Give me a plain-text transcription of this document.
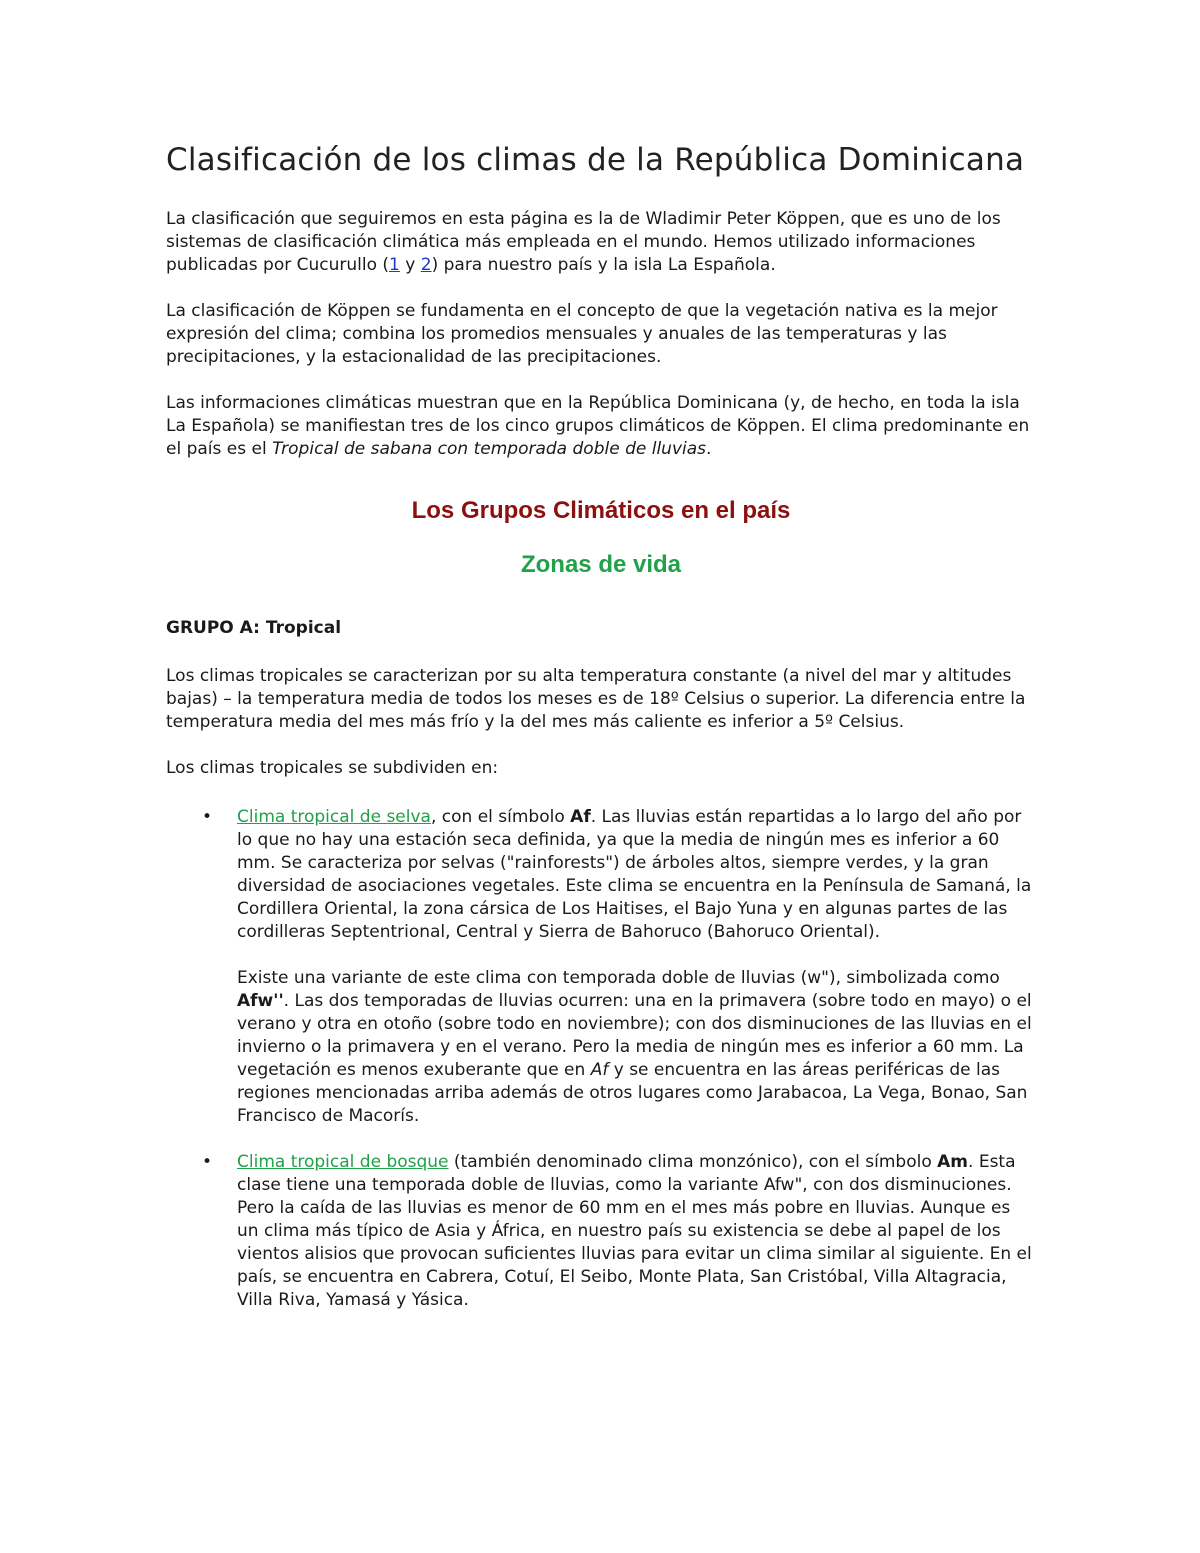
Clasificación de los climas de la República Dominicana

La clasificación que seguiremos en esta página es la de Wladimir Peter Köppen, que es uno de los sistemas de clasificación climática más empleada en el mundo. Hemos utilizado informaciones publicadas por Cucurullo (1 y 2) para nuestro país y la isla La Española.

La clasificación de Köppen se fundamenta en el concepto de que la vegetación nativa es la mejor expresión del clima; combina los promedios mensuales y anuales de las temperaturas y las precipitaciones, y la estacionalidad de las precipitaciones.

Las informaciones climáticas muestran que en la República Dominicana (y, de hecho, en toda la isla La Española) se manifiestan tres de los cinco grupos climáticos de Köppen. El clima predominante en el país es el Tropical de sabana con temporada doble de lluvias.

Los Grupos Climáticos en el país
Zonas de vida

GRUPO A: Tropical

Los climas tropicales se caracterizan por su alta temperatura constante (a nivel del mar y altitudes bajas) – la temperatura media de todos los meses es de 18º Celsius o superior. La diferencia entre la temperatura media del mes más frío y la del mes más caliente es inferior a 5º Celsius.

Los climas tropicales se subdividen en:

• Clima tropical de selva, con el símbolo Af. Las lluvias están repartidas a lo largo del año por lo que no hay una estación seca definida, ya que la media de ningún mes es inferior a 60 mm. Se caracteriza por selvas ("rainforests") de árboles altos, siempre verdes, y la gran diversidad de asociaciones vegetales. Este clima se encuentra en la Península de Samaná, la Cordillera Oriental, la zona cársica de Los Haitises, el Bajo Yuna y en algunas partes de las cordilleras Septentrional, Central y Sierra de Bahoruco (Bahoruco Oriental).
Existe una variante de este clima con temporada doble de lluvias (w"), simbolizada como Afw''. Las dos temporadas de lluvias ocurren: una en la primavera (sobre todo en mayo) o el verano y otra en otoño (sobre todo en noviembre); con dos disminuciones de las lluvias en el invierno o la primavera y en el verano. Pero la media de ningún mes es inferior a 60 mm. La vegetación es menos exuberante que en Af y se encuentra en las áreas periféricas de las regiones mencionadas arriba además de otros lugares como Jarabacoa, La Vega, Bonao, San Francisco de Macorís.
• Clima tropical de bosque (también denominado clima monzónico), con el símbolo Am. Esta clase tiene una temporada doble de lluvias, como la variante Afw", con dos disminuciones. Pero la caída de las lluvias es menor de 60 mm en el mes más pobre en lluvias. Aunque es un clima más típico de Asia y África, en nuestro país su existencia se debe al papel de los vientos alisios que provocan suficientes lluvias para evitar un clima similar al siguiente. En el país, se encuentra en Cabrera, Cotuí, El Seibo, Monte Plata, San Cristóbal, Villa Altagracia, Villa Riva, Yamasá y Yásica.
